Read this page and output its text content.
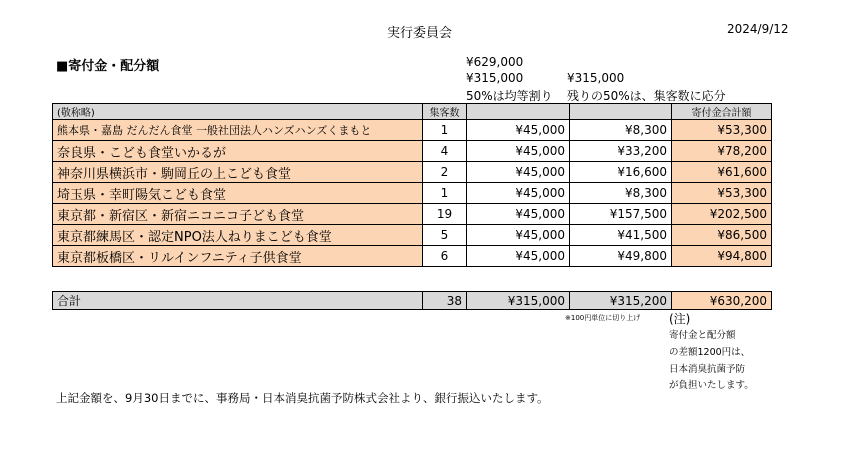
実行委員会	2024/9/12
■寄付金・配分額	¥629,000
¥315,000	¥315,000
50%は均等割り 残りの50%は、集客数に応分
(敬称略)	集客数			寄付金合計額
熊本県・嘉島 だんだん食堂 一般社団法人ハンズハンズくまもと	1	¥45,000	¥8,300	¥53,300
奈良県・こども食堂いかるが	4	¥45,000	¥33,200	¥78,200
神奈川県横浜市・駒岡丘の上こども食堂	2	¥45,000	¥16,600	¥61,600
埼玉県・幸町陽気こども食堂	1	¥45,000	¥8,300	¥53,300
東京都・新宿区・新宿ニコニコ子ども食堂	19	¥45,000	¥157,500	¥202,500
東京都練馬区・認定NPO法人ねりまこども食堂	5	¥45,000	¥41,500	¥86,500
東京都板橋区・リルインフニティ子供食堂	6	¥45,000	¥49,800	¥94,800
合計	38	¥315,000	¥315,200	¥630,200
※100円単位に切り上げ (注)
寄付金と配分額
の差額1200円は、
日本消臭抗菌予防
が負担いたします。
上記金額を、9月30日までに、事務局・日本消臭抗菌予防株式会社より、銀行振込いたします。
